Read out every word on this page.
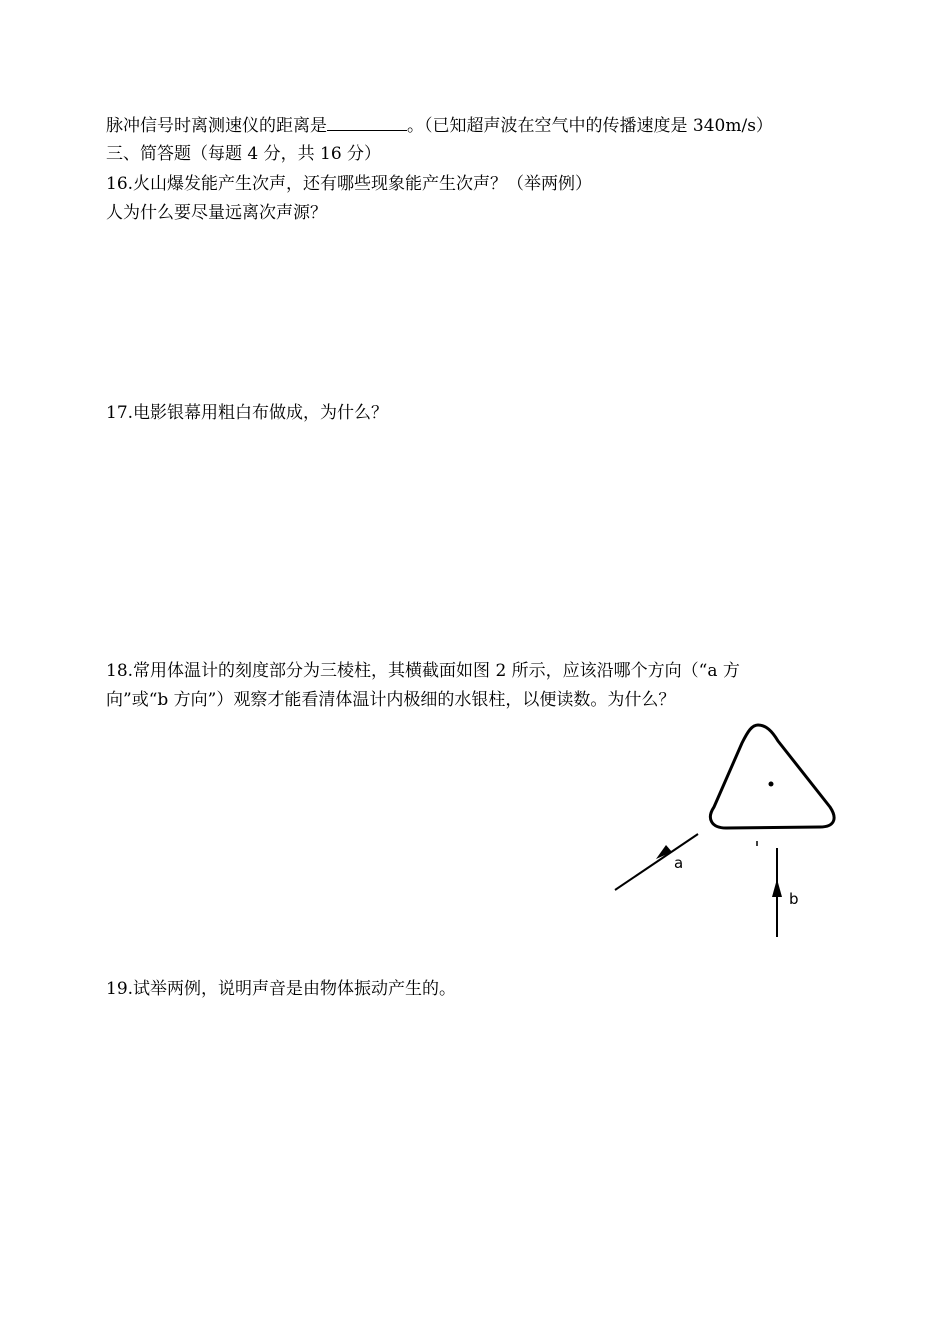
脉冲信号时离测速仪的距离是	。（已知超声波在空气中的传播速度是 340m/s）
三、简答题（每题 4 分，共 16 分）
16.火山爆发能产生次声，还有哪些现象能产生次声？（举两例）
人为什么要尽量远离次声源？
17.电影银幕用粗白布做成，为什么？
18.常用体温计的刻度部分为三棱柱，其横截面如图 2 所示，应该沿哪个方向（“a 方
向”或“b 方向”）观察才能看清体温计内极细的水银柱，以便读数。为什么？
a
b
19.试举两例，说明声音是由物体振动产生的。
